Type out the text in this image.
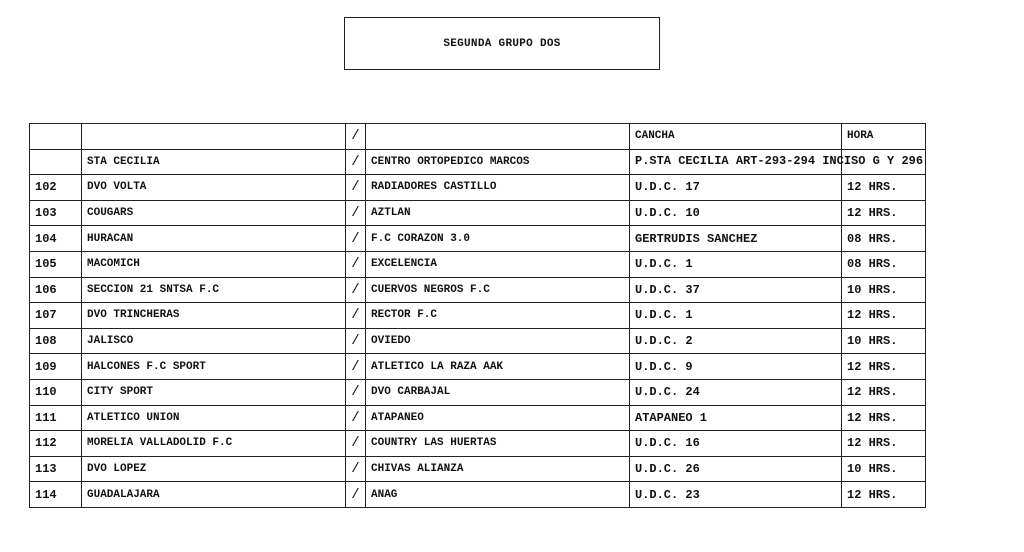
SEGUNDA GRUPO DOS
		/		CANCHA	HORA
	STA CECILIA	/	CENTRO ORTOPEDICO MARCOS	P.STA CECILIA ART-293-294 INCISO G Y 296	

102	DVO VOLTA	/	RADIADORES CASTILLO	U.D.C. 17	12 HRS.
103	COUGARS	/	AZTLAN	U.D.C. 10	12 HRS.
104	HURACAN	/	F.C CORAZON 3.0	GERTRUDIS SANCHEZ	08 HRS.
105	MACOMICH	/	EXCELENCIA	U.D.C. 1	08 HRS.
106	SECCION 21 SNTSA F.C	/	CUERVOS NEGROS F.C	U.D.C. 37	10 HRS.
107	DVO TRINCHERAS	/	RECTOR F.C	U.D.C. 1	12 HRS.
108	JALISCO	/	OVIEDO	U.D.C. 2	10 HRS.
109	HALCONES F.C SPORT	/	ATLETICO LA RAZA AAK	U.D.C. 9	12 HRS.
110	CITY SPORT	/	DVO CARBAJAL	U.D.C. 24	12 HRS.
111	ATLETICO UNION	/	ATAPANEO	ATAPANEO 1	12 HRS.
112	MORELIA VALLADOLID F.C	/	COUNTRY LAS HUERTAS	U.D.C. 16	12 HRS.
113	DVO LOPEZ	/	CHIVAS ALIANZA	U.D.C. 26	10 HRS.
114	GUADALAJARA	/	ANAG	U.D.C. 23	12 HRS.
